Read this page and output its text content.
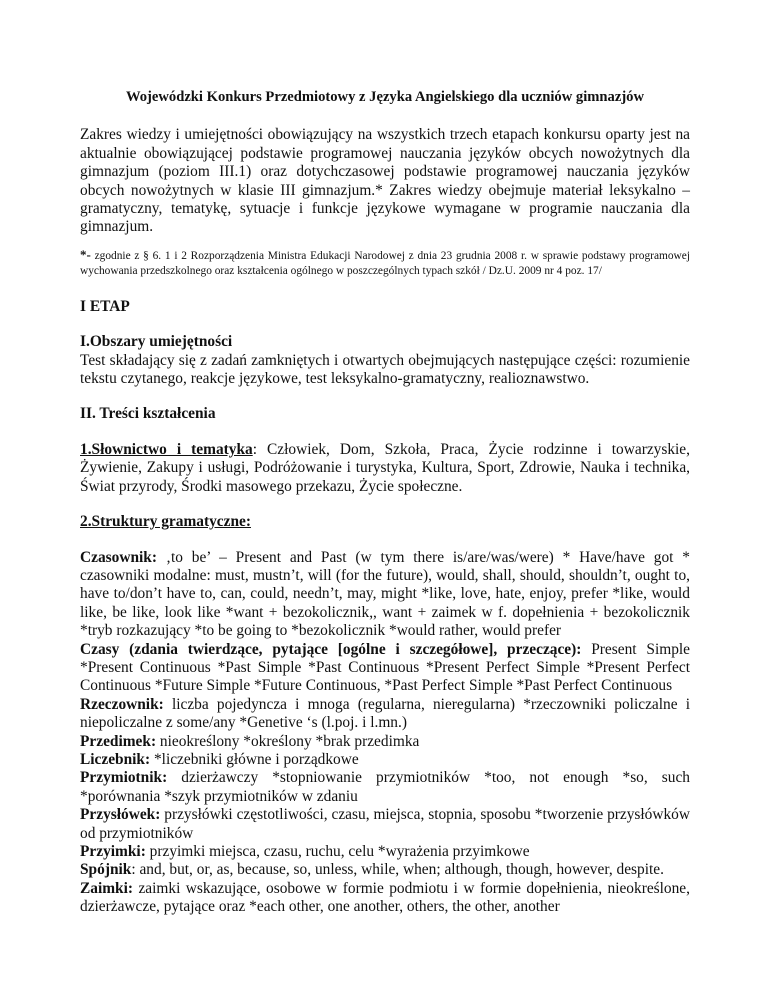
Wojewódzki Konkurs Przedmiotowy z Języka Angielskiego dla uczniów gimnazjów

Zakres wiedzy i umiejętności obowiązujący na wszystkich trzech etapach konkursu oparty jest na aktualnie obowiązującej podstawie programowej nauczania języków obcych nowożytnych dla gimnazjum (poziom III.1) oraz dotychczasowej podstawie programowej nauczania języków obcych nowożytnych w klasie III gimnazjum.* Zakres wiedzy obejmuje materiał leksykalno – gramatyczny, tematykę, sytuacje i funkcje językowe wymagane w programie nauczania dla gimnazjum.

*- zgodnie z § 6. 1 i 2 Rozporządzenia Ministra Edukacji Narodowej z dnia 23 grudnia 2008 r. w sprawie podstawy programowej wychowania przedszkolnego oraz kształcenia ogólnego w poszczególnych typach szkół / Dz.U. 2009 nr 4 poz. 17/

I ETAP
I.Obszary umiejętności

Test składający się z zadań zamkniętych i otwartych obejmujących następujące części: rozumienie tekstu czytanego, reakcje językowe, test leksykalno-gramatyczny, realioznawstwo.

II. Treści kształcenia

1.Słownictwo i tematyka: Człowiek, Dom, Szkoła, Praca, Życie rodzinne i towarzyskie, Żywienie, Zakupy i usługi, Podróżowanie i turystyka, Kultura, Sport, Zdrowie, Nauka i technika, Świat przyrody, Środki masowego przekazu, Życie społeczne.

2.Struktury gramatyczne:

Czasownik: ‚to be’ – Present and Past (w tym there is/are/was/were) * Have/have got * czasowniki modalne: must, mustn’t, will (for the future), would, shall, should, shouldn’t, ought to, have to/don’t have to, can, could, needn’t, may, might *like, love, hate, enjoy, prefer *like, would like, be like, look like *want + bezokolicznik,, want + zaimek w f. dopełnienia + bezokolicznik *tryb rozkazujący *to be going to *bezokolicznik *would rather, would prefer

Czasy (zdania twierdzące, pytające [ogólne i szczegółowe], przeczące): Present Simple *Present Continuous *Past Simple *Past Continuous *Present Perfect Simple *Present Perfect Continuous *Future Simple *Future Continuous, *Past Perfect Simple *Past Perfect Continuous

Rzeczownik: liczba pojedyncza i mnoga (regularna, nieregularna) *rzeczowniki policzalne i niepoliczalne z some/any *Genetive ‘s (l.poj. i l.mn.)

Przedimek: nieokreślony *określony *brak przedimka

Liczebnik: *liczebniki główne i porządkowe

Przymiotnik: dzierżawczy *stopniowanie przymiotników *too, not enough *so, such *porównania *szyk przymiotników w zdaniu

Przysłówek: przysłówki częstotliwości, czasu, miejsca, stopnia, sposobu *tworzenie przysłówków od przymiotników

Przyimki: przyimki miejsca, czasu, ruchu, celu *wyrażenia przyimkowe

Spójnik: and, but, or, as, because, so, unless, while, when; although, though, however, despite.

Zaimki: zaimki wskazujące, osobowe w formie podmiotu i w formie dopełnienia, nieokreślone, dzierżawcze, pytające oraz *each other, one another, others, the other, another
